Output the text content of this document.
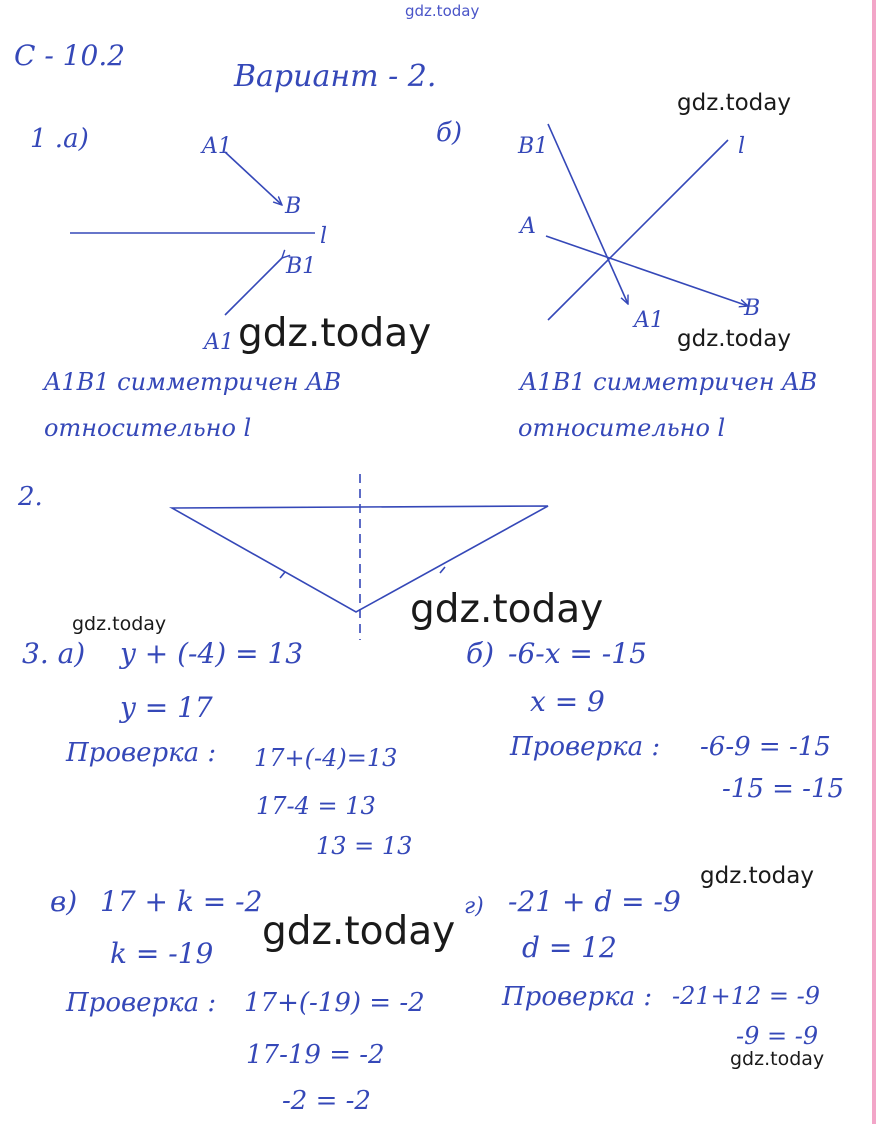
gdz.today
gdz.today
gdz.today	gdz.today
gdz.today
gdz.today
gdz.today
gdz.today
gdz.today
C - 10.2
Вариант - 2.
1 .а)	б)
A1
B
l
B1
A1
B1	l
A
A1	B
A1B1 симметричен AB
относительно l
A1B1 симметричен AB
относительно l
2.
3. а) y + (-4) = 13
y = 17
Проверка : 17+(-4)=13
17-4 = 13
13 = 13
б) -6-x = -15
x = 9
Проверка : -6-9 = -15
-15 = -15
в) 17 + k = -2
k = -19
Проверка : 17+(-19) = -2
17-19 = -2
-2 = -2
г) -21 + d = -9
d = 12
Проверка : -21+12 = -9
-9 = -9
